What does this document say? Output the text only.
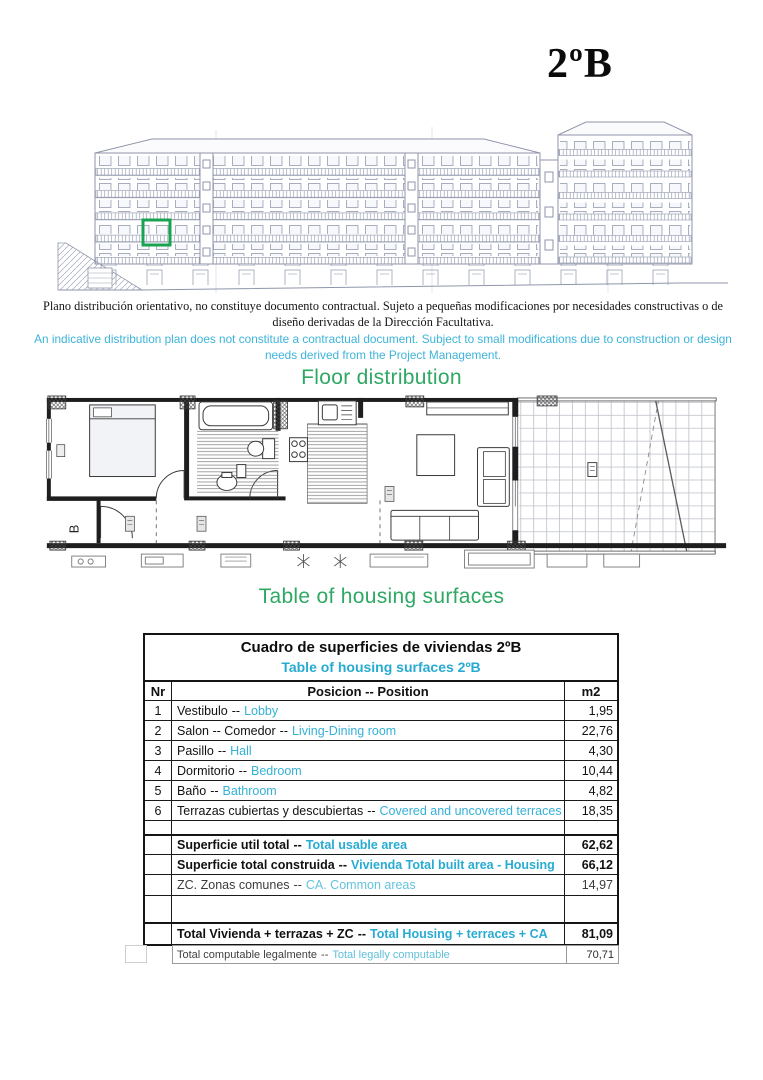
2ºB
Plano distribución orientativo, no constituye documento contractual. Sujeto a pequeñas modificaciones por necesidades constructivas o de diseño derivadas de la Dirección Facultativa.
An indicative distribution plan does not constitute a contractual document. Subject to small modifications due to construction or design needs derived from the Project Management.
Floor distribution
B
Table of housing surfaces
Cuadro de superficies de viviendas 2ºB
Table of housing surfaces 2ºB
Nr	Posicion -- Position	m2
1	Vestibulo -- Lobby	1,95
2	Salon -- Comedor -- Living-Dining room	22,76
3	Pasillo -- Hall	4,30
4	Dormitorio -- Bedroom	10,44
5	Baño -- Bathroom	4,82
6	Terrazas cubiertas y descubiertas -- Covered and uncovered terraces	18,35
Superficie util total -- Total usable area	62,62
Superficie total construida -- Vivienda Total built area - Housing	66,12
ZC. Zonas comunes -- CA. Common areas	14,97
Total Vivienda + terrazas + ZC -- Total Housing + terraces + CA	81,09
Total computable legalmente -- Total legally computable	70,71
